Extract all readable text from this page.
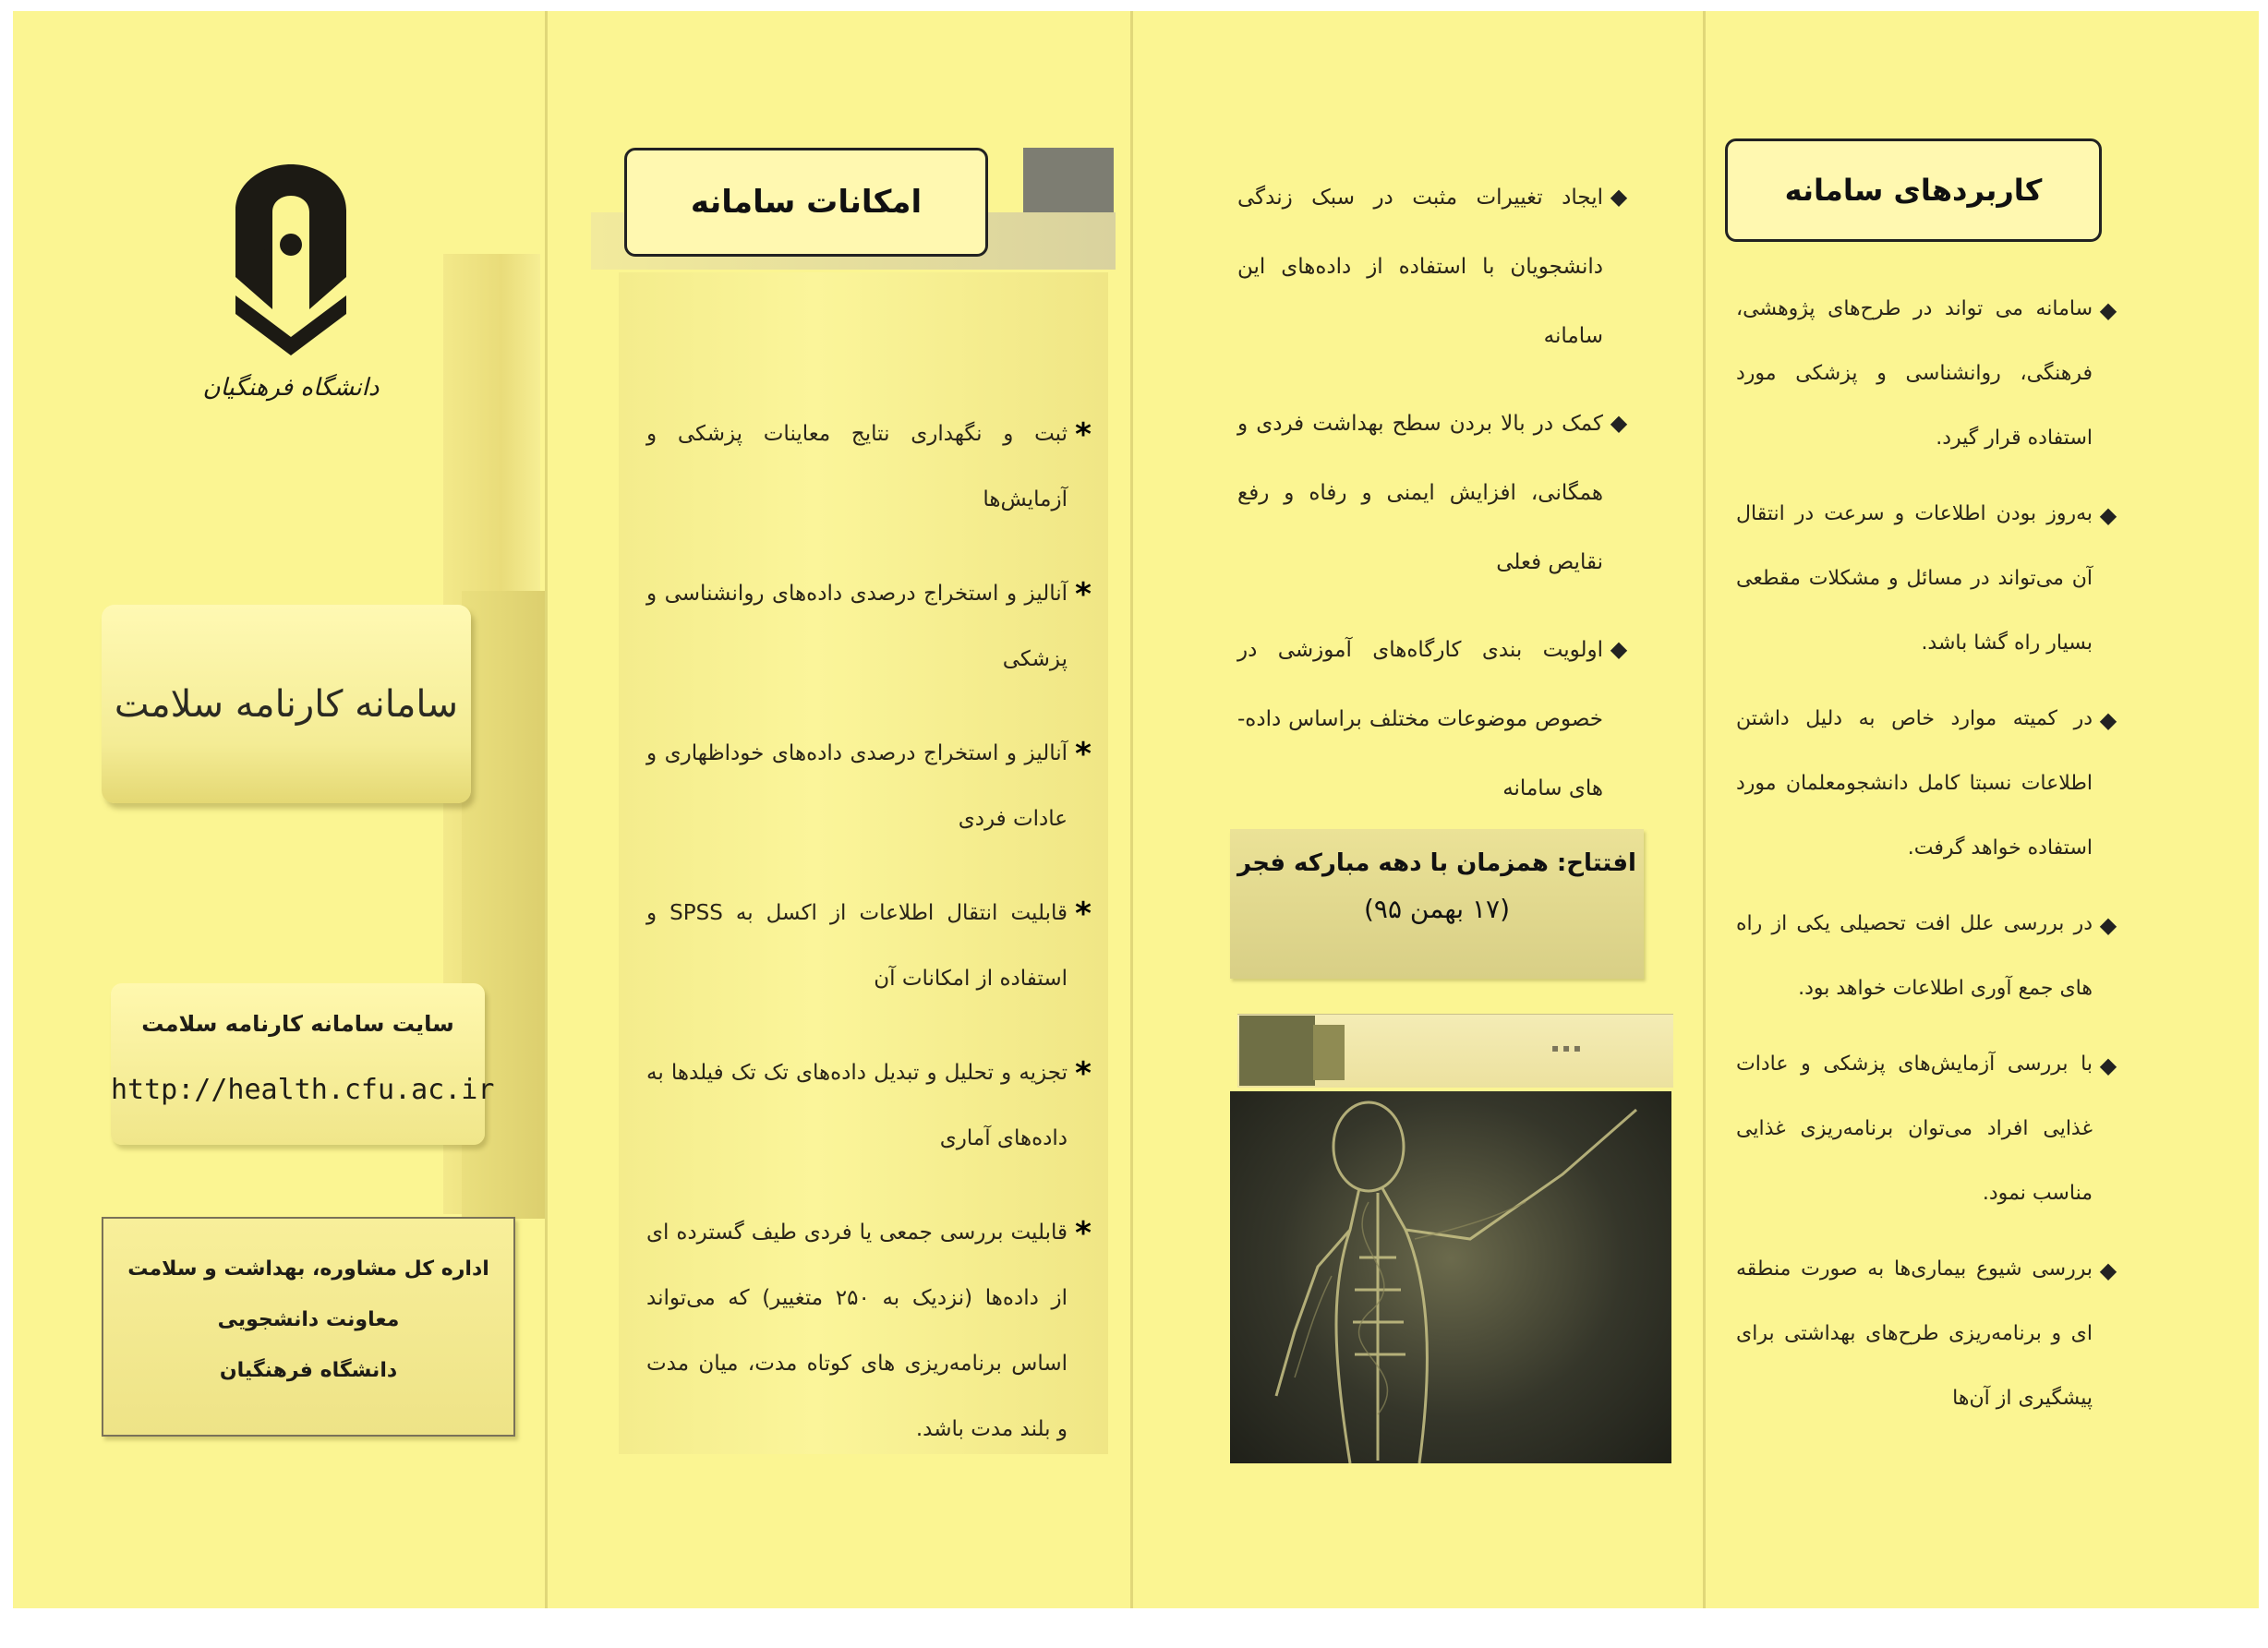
دانشگاه فرهنگیان
سامانه کارنامه سلامت
سایت سامانه کارنامه سلامت
http://health.cfu.ac.ir
اداره کل مشاوره، بهداشت و سلامت
معاونت دانشجویی
دانشگاه فرهنگیان
امکانات سامانه
*
ثبت و نگهداری نتایج معاینات پزشکی و آزمایش‌ها
*
آنالیز و استخراج درصدی داده‌های روانشناسی و پزشکی
*
آنالیز و استخراج درصدی داده‌های خوداظهاری و عادات فردی
*
قابلیت انتقال اطلاعات از اکسل به SPSS و استفاده از امکانات آن
*
تجزیه و تحلیل و تبدیل داده‌های تک تک فیلدها به داده‌های آماری
*
قابلیت بررسی جمعی یا فردی طیف گسترده ای از داده‌ها (نزدیک به ۲۵۰ متغییر) که می‌تواند اساس برنامه‌ریزی های کوتاه مدت، میان مدت و بلند مدت باشد.
◆
ایجاد تغییرات مثبت در سبک زندگی دانشجویان با استفاده از داده‌های این سامانه
◆
کمک در بالا بردن سطح بهداشت فردی و همگانی، افزایش ایمنی و رفاه و رفع نقایص فعلی
◆
اولویت بندی کارگاه‌های آموزشی در خصوص موضوعات مختلف براساس داده-های سامانه
افتتاح: همزمان با دهه مبارکه فجر
(۱۷ بهمن ۹۵)
▪ ▪ ▪
کاربردهای سامانه
◆
سامانه می تواند در طرح‌های پژوهشی، فرهنگی، روانشناسی و پزشکی مورد استفاده قرار گیرد.
◆
به‌روز بودن اطلاعات و سرعت در انتقال آن می‌تواند در مسائل و مشکلات مقطعی بسیار راه گشا باشد.
◆
در کمیته موارد خاص به دلیل داشتن اطلاعات نسبتا کامل دانشجومعلمان مورد استفاده خواهد گرفت.
◆
در بررسی علل افت تحصیلی یکی از راه های جمع آوری اطلاعات خواهد بود.
◆
با بررسی آزمایش‌های پزشکی و عادات غذایی افراد می‌توان برنامه‌ریزی غذایی مناسب نمود.
◆
بررسی شیوع بیماری‌ها به صورت منطقه ای و برنامه‌ریزی طرح‌های بهداشتی برای پیشگیری از آن‌ها
